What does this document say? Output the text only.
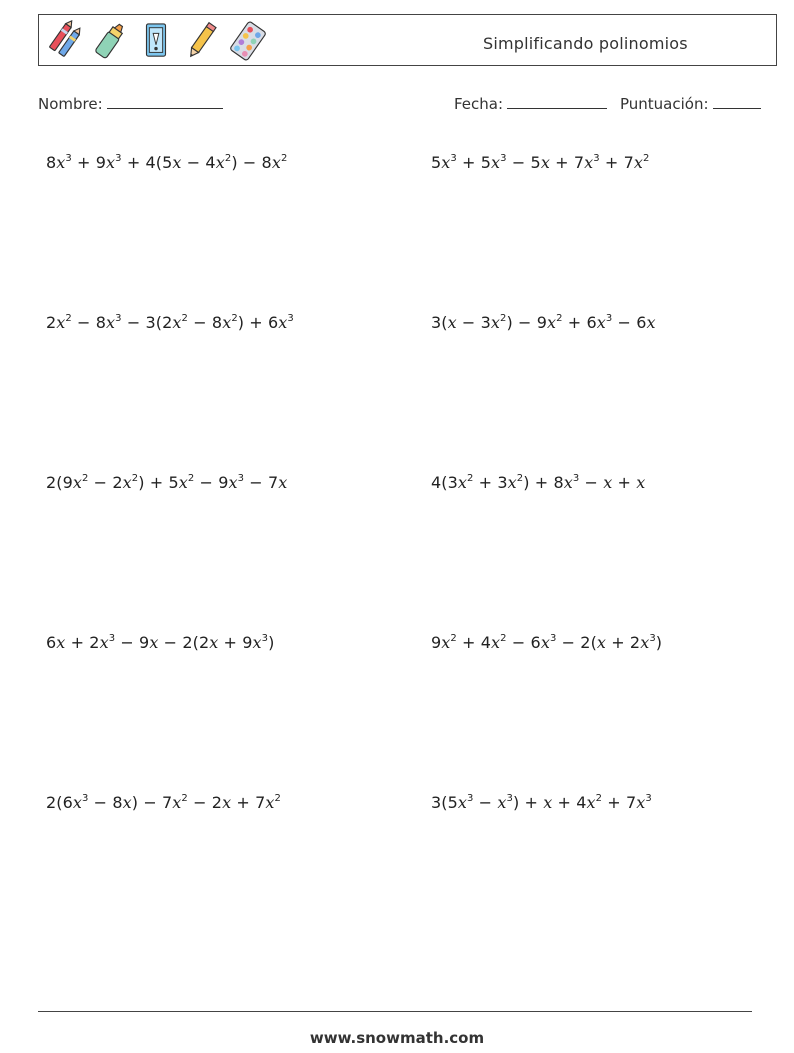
Simplificando polinomios
Nombre:	Fecha:	Puntuación:
$8x^3 + 9x^3 + 4(5x - 4x^2) - 8x^2$	$5x^3 + 5x^3 - 5x + 7x^3 + 7x^2$
$2x^2 - 8x^3 - 3(2x^2 - 8x^2) + 6x^3$	$3(x - 3x^2) - 9x^2 + 6x^3 - 6x$
$2(9x^2 - 2x^2) + 5x^2 - 9x^3 - 7x$	$4(3x^2 + 3x^2) + 8x^3 - x + x$
$6x + 2x^3 - 9x - 2(2x + 9x^3)$	$9x^2 + 4x^2 - 6x^3 - 2(x + 2x^3)$
$2(6x^3 - 8x) - 7x^2 - 2x + 7x^2$	$3(5x^3 - x^3) + x + 4x^2 + 7x^3$
www.snowmath.com
